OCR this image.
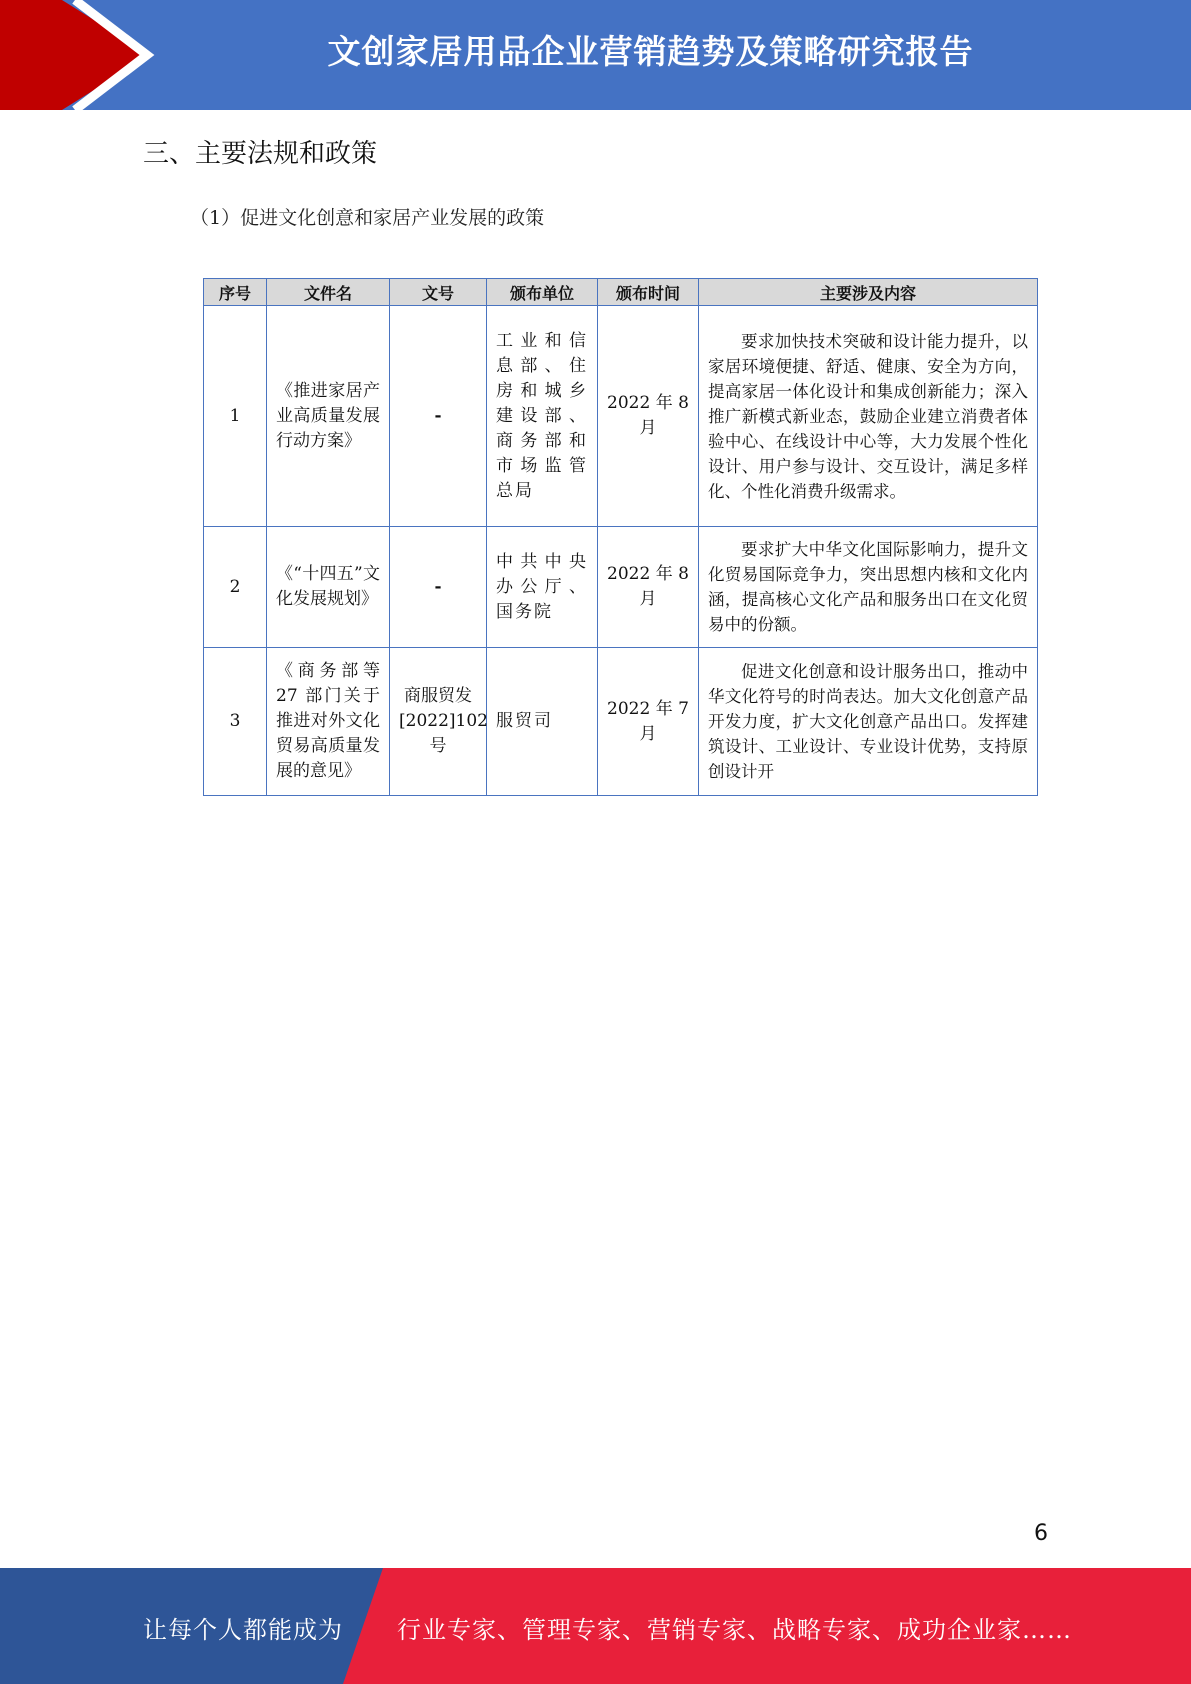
文创家居用品企业营销趋势及策略研究报告
三、主要法规和政策
（1）促进文化创意和家居产业发展的政策
序号	文件名	文号	颁布单位	颁布时间	主要涉及内容
1	《推进家居产业高质量发展行动方案》	-	工业和信息部、住房和城乡建设部、商务部和市场监管总局	2022 年 8 月	要求加快技术突破和设计能力提升，以家居环境便捷、舒适、健康、安全为方向，提高家居一体化设计和集成创新能力；深入推广新模式新业态，鼓励企业建立消费者体验中心、在线设计中心等，大力发展个性化设计、用户参与设计、交互设计，满足多样化、个性化消费升级需求。
2	《“十四五”文化发展规划》	-	中共中央办公厅、国务院	2022 年 8 月	要求扩大中华文化国际影响力，提升文化贸易国际竞争力，突出思想内核和文化内涵，提高核心文化产品和服务出口在文化贸易中的份额。
3	《商务部等 27 部门关于推进对外文化贸易高质量发展的意见》	商服贸发[2022]102号	服贸司	2022 年 7 月	促进文化创意和设计服务出口，推动中华文化符号的时尚表达。加大文化创意产品开发力度，扩大文化创意产品出口。发挥建筑设计、工业设计、专业设计优势，支持原创设计开
6
让每个人都能成为 行业专家、管理专家、营销专家、战略专家、成功企业家……
